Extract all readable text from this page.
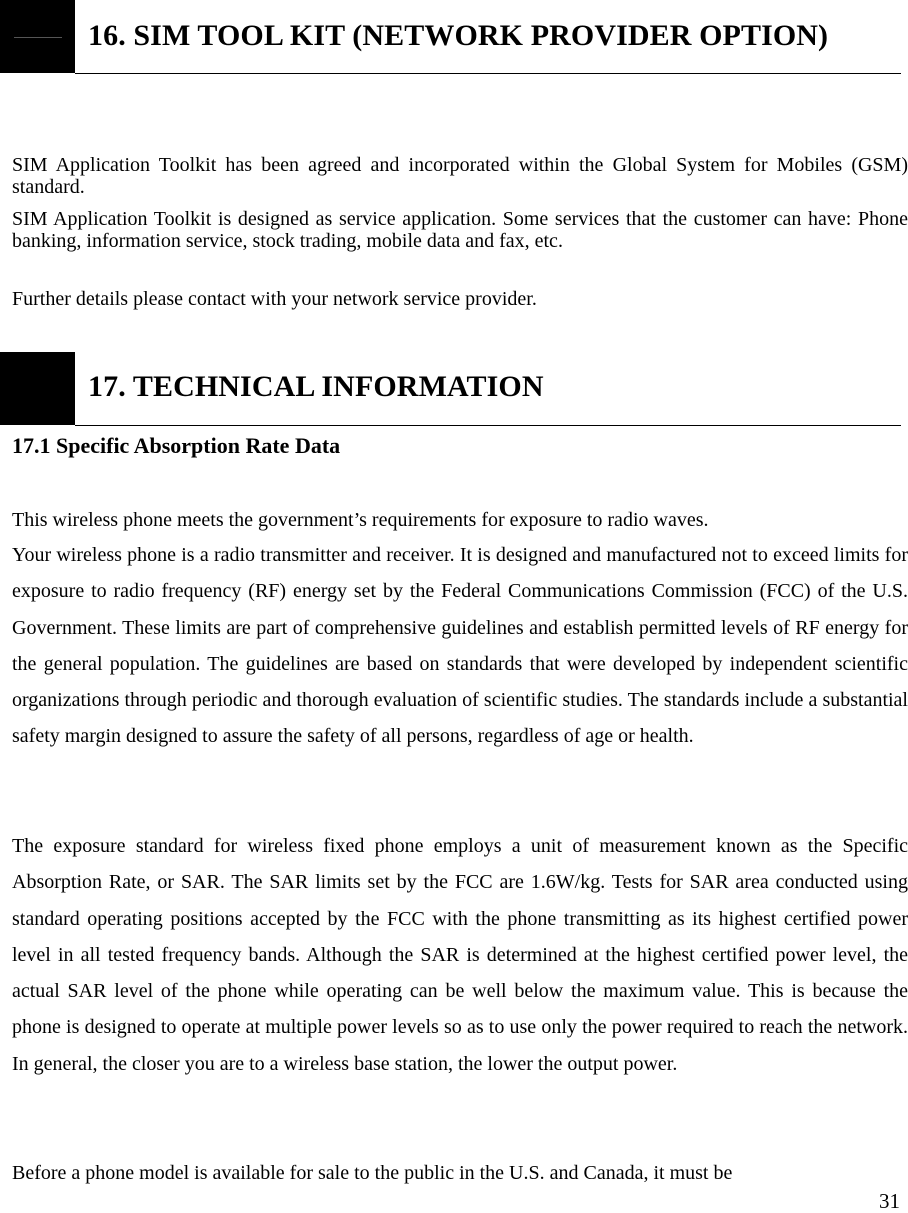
16. SIM TOOL KIT (NETWORK PROVIDER OPTION)
SIM Application Toolkit has been agreed and incorporated within the Global System for Mobiles (GSM) standard.
SIM Application Toolkit is designed as service application. Some services that the customer can have: Phone banking, information service, stock trading, mobile data and fax, etc.
Further details please contact with your network service provider.
17. TECHNICAL INFORMATION
17.1 Specific Absorption Rate Data
This wireless phone meets the government’s requirements for exposure to radio waves.
Your wireless phone is a radio transmitter and receiver. It is designed and manufactured not to exceed limits for exposure to radio frequency (RF) energy set by the Federal Communications Commission (FCC) of the U.S. Government. These limits are part of comprehensive guidelines and establish permitted levels of RF energy for the general population. The guidelines are based on standards that were developed by independent scientific organizations through periodic and thorough evaluation of scientific studies. The standards include a substantial safety margin designed to assure the safety of all persons, regardless of age or health.
The exposure standard for wireless fixed phone employs a unit of measurement known as the Specific Absorption Rate, or SAR. The SAR limits set by the FCC are 1.6W/kg. Tests for SAR area conducted using standard operating positions accepted by the FCC with the phone transmitting as its highest certified power level in all tested frequency bands. Although the SAR is determined at the highest certified power level, the actual SAR level of the phone while operating can be well below the maximum value. This is because the phone is designed to operate at multiple power levels so as to use only the power required to reach the network. In general, the closer you are to a wireless base station, the lower the output power.
Before a phone model is available for sale to the public in the U.S. and Canada, it must be
31
